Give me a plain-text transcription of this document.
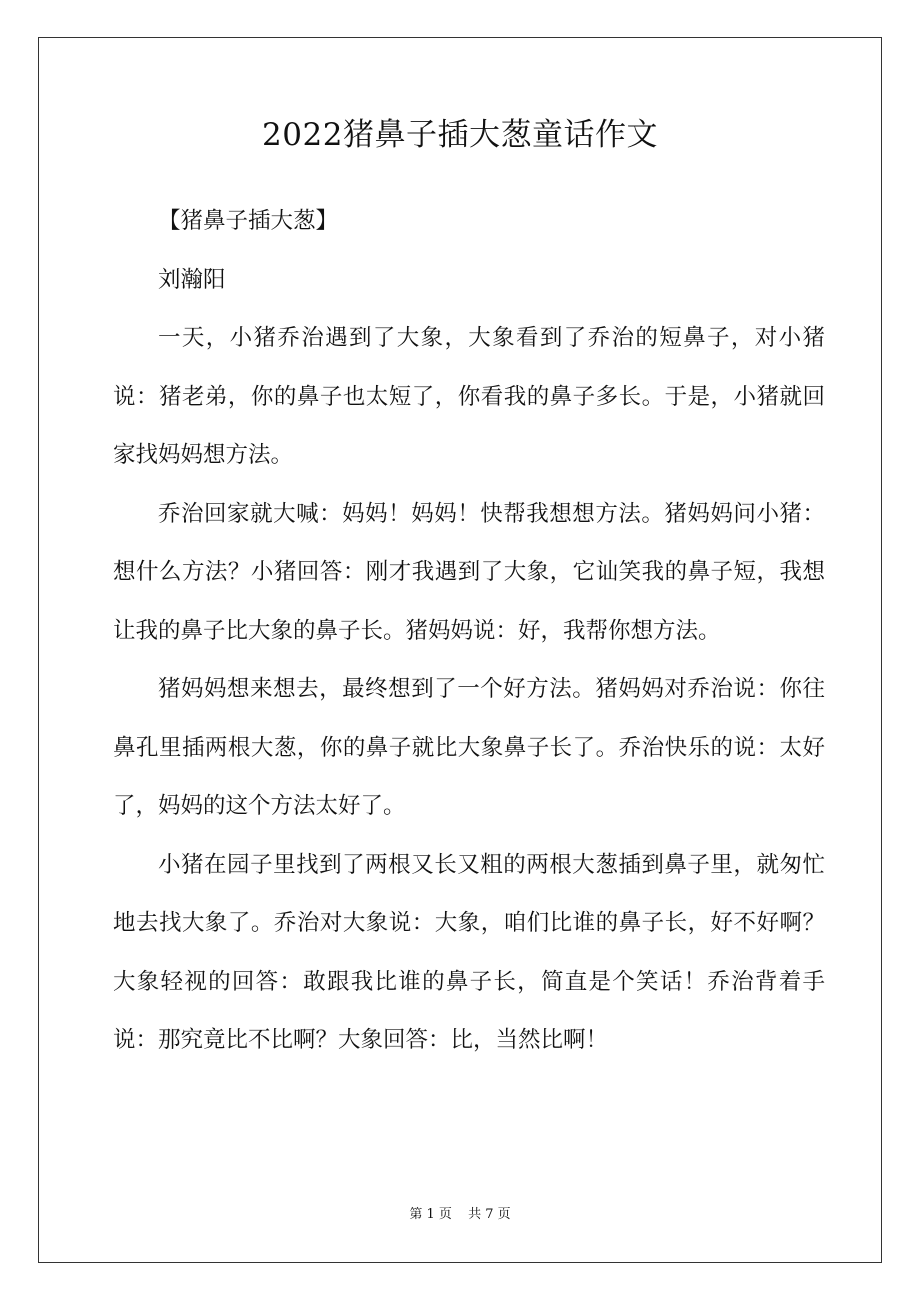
2022猪鼻子插大葱童话作文

【猪鼻子插大葱】

刘瀚阳

一天，小猪乔治遇到了大象，大象看到了乔治的短鼻子，对小猪说：猪老弟，你的鼻子也太短了，你看我的鼻子多长。于是，小猪就回家找妈妈想方法。

乔治回家就大喊：妈妈！妈妈！快帮我想想方法。猪妈妈问小猪：想什么方法？小猪回答：刚才我遇到了大象，它讪笑我的鼻子短，我想让我的鼻子比大象的鼻子长。猪妈妈说：好，我帮你想方法。

猪妈妈想来想去，最终想到了一个好方法。猪妈妈对乔治说：你往鼻孔里插两根大葱，你的鼻子就比大象鼻子长了。乔治快乐的说：太好了，妈妈的这个方法太好了。

小猪在园子里找到了两根又长又粗的两根大葱插到鼻子里，就匆忙地去找大象了。乔治对大象说：大象，咱们比谁的鼻子长，好不好啊？大象轻视的回答：敢跟我比谁的鼻子长，简直是个笑话！乔治背着手说：那究竟比不比啊？大象回答：比，当然比啊！

第 1 页 共 7 页
